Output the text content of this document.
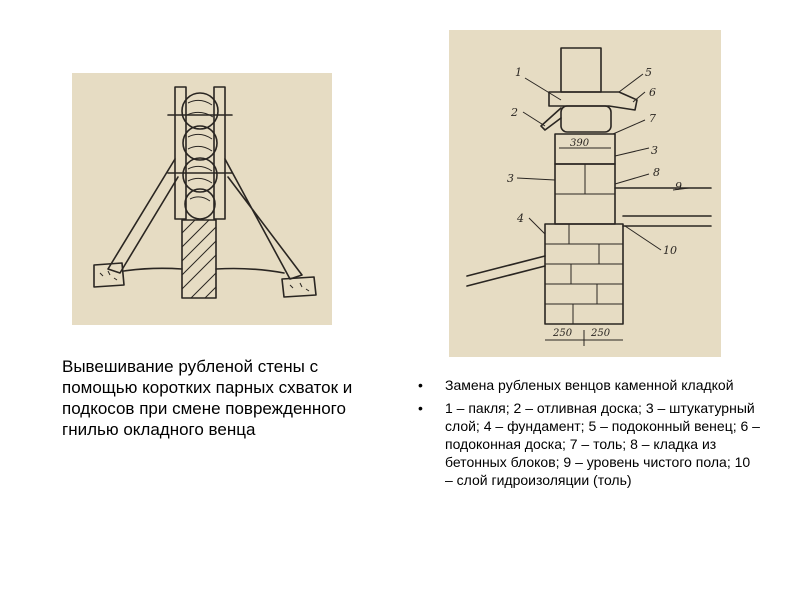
390
250 250
1
2
3
3
4
5
6
7
8
9
10

Вывешивание рубленой стены с помощью коротких парных схваток и подкосов при смене поврежденного гнилью окладного венца

• Замена рубленых венцов каменной кладкой
• 1 – пакля; 2 – отливная доска; 3 – штукатурный слой; 4 – фундамент; 5 – подоконный венец; 6 – подоконная доска; 7 – толь; 8 – кладка из бетонных блоков; 9 – уровень чистого пола; 10 – слой гидроизоляции (толь)
